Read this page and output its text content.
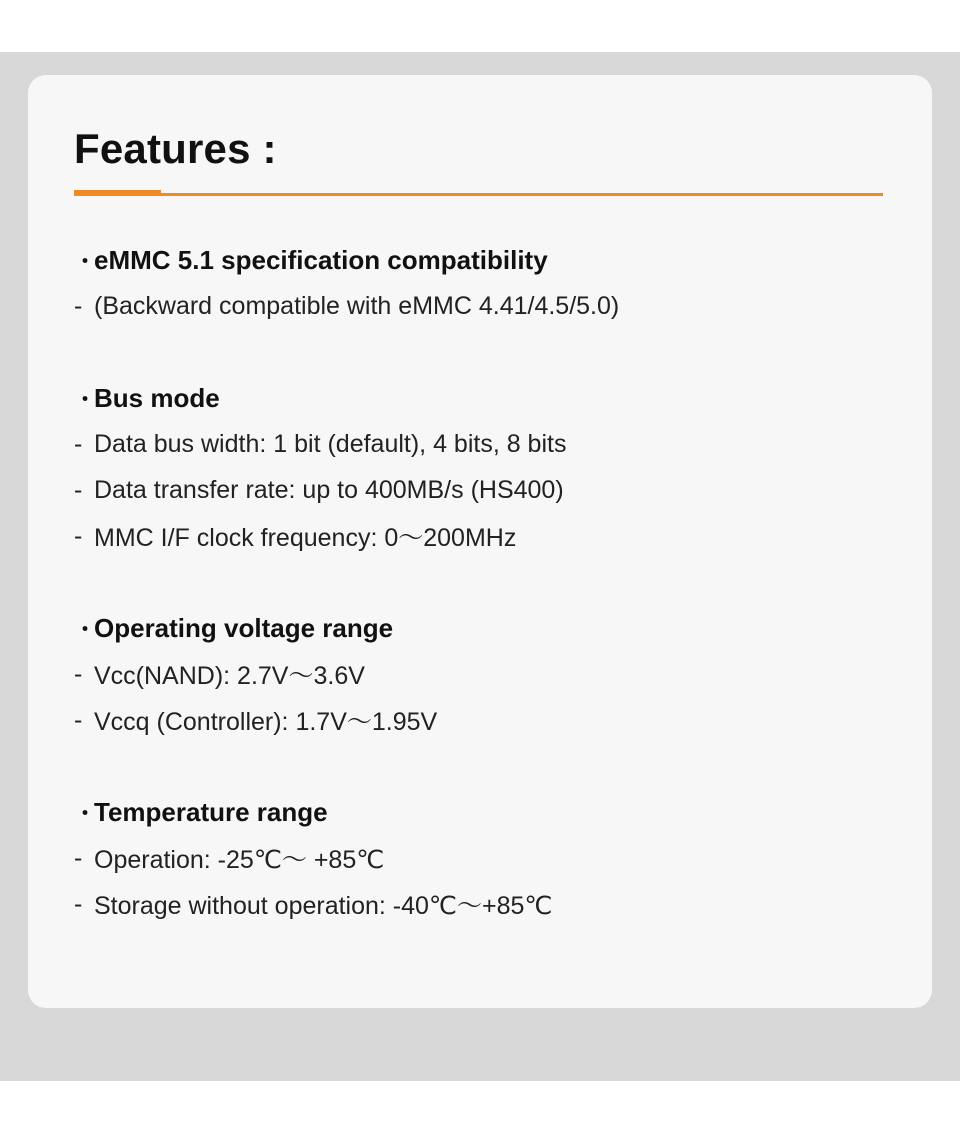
Features :
・
eMMC 5.1 specification compatibility
- (Backward compatible with eMMC 4.41/4.5/5.0)
・
Bus mode
- Data bus width: 1 bit (default), 4 bits, 8 bits
- Data transfer rate: up to 400MB/s (HS400)
- MMC I/F clock frequency: 0～200MHz
・
Operating voltage range
- Vcc(NAND): 2.7V～3.6V
- Vccq (Controller): 1.7V～1.95V
・
Temperature range
- Operation: -25℃～ +85℃
- Storage without operation: -40℃～+85℃
